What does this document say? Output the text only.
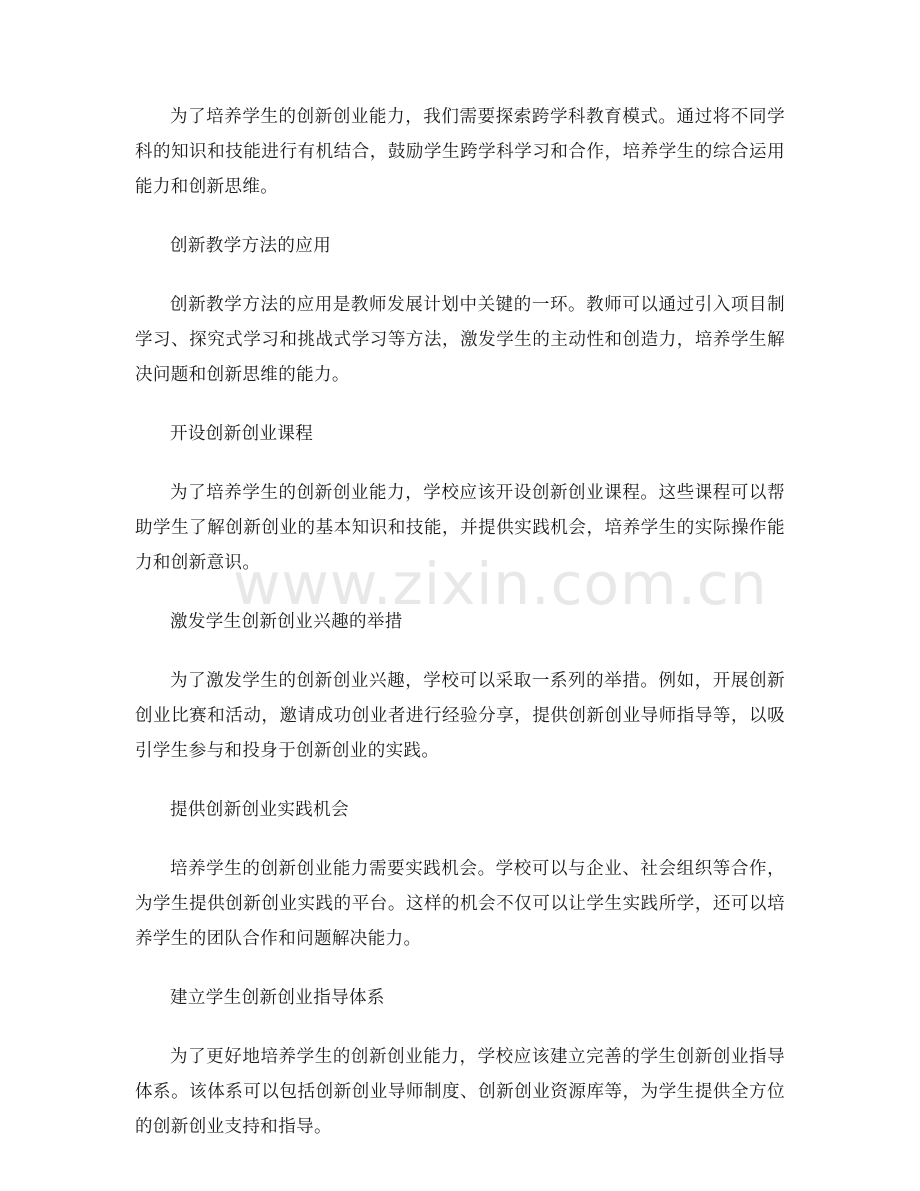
为了培养学生的创新创业能力，我们需要探索跨学科教育模式。通过将不同学科的知识和技能进行有机结合，鼓励学生跨学科学习和合作，培养学生的综合运用能力和创新思维。

创新教学方法的应用

创新教学方法的应用是教师发展计划中关键的一环。教师可以通过引入项目制学习、探究式学习和挑战式学习等方法，激发学生的主动性和创造力，培养学生解决问题和创新思维的能力。

开设创新创业课程

为了培养学生的创新创业能力，学校应该开设创新创业课程。这些课程可以帮助学生了解创新创业的基本知识和技能，并提供实践机会，培养学生的实际操作能力和创新意识。

激发学生创新创业兴趣的举措

为了激发学生的创新创业兴趣，学校可以采取一系列的举措。例如，开展创新创业比赛和活动，邀请成功创业者进行经验分享，提供创新创业导师指导等，以吸引学生参与和投身于创新创业的实践。

提供创新创业实践机会

培养学生的创新创业能力需要实践机会。学校可以与企业、社会组织等合作，为学生提供创新创业实践的平台。这样的机会不仅可以让学生实践所学，还可以培养学生的团队合作和问题解决能力。

建立学生创新创业指导体系

为了更好地培养学生的创新创业能力，学校应该建立完善的学生创新创业指导体系。该体系可以包括创新创业导师制度、创新创业资源库等，为学生提供全方位的创新创业支持和指导。

www.zixin.com.cn
